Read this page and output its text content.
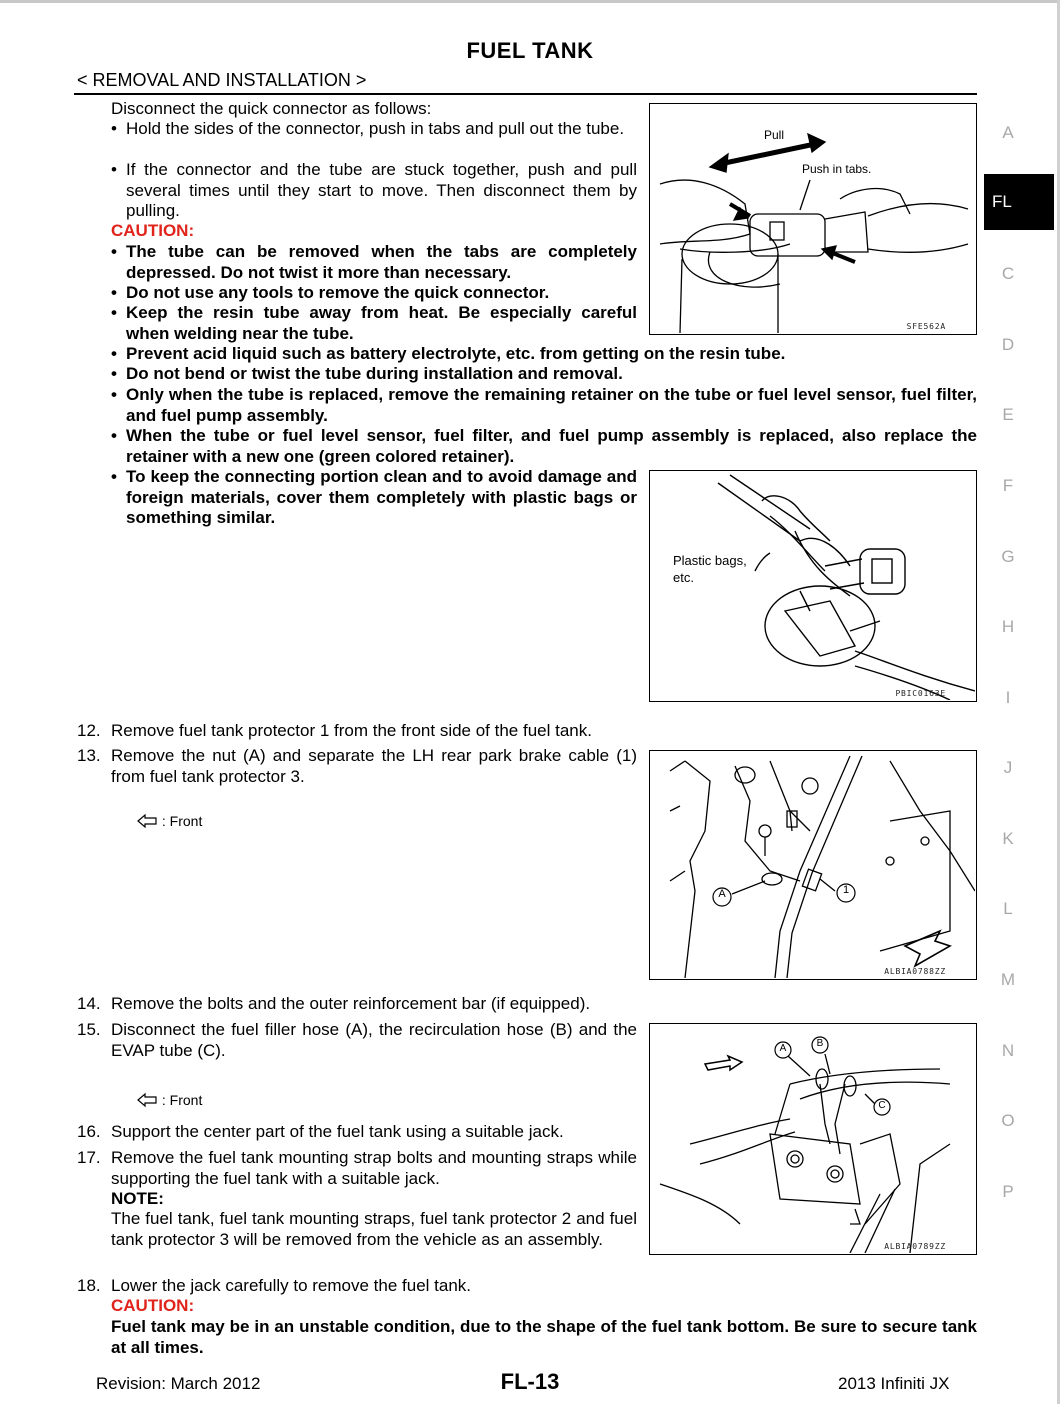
FUEL TANK
< REMOVAL AND INSTALLATION >
A
FL
C
D
E
F
G
H
I
J
K
L
M
N
O
P
Disconnect the quick connector as follows:
• Hold the sides of the connector, push in tabs and pull out the tube.
• If the connector and the tube are stuck together, push and pull several times until they start to move. Then disconnect them by pulling.
CAUTION:
• The tube can be removed when the tabs are completely depressed. Do not twist it more than necessary.
• Do not use any tools to remove the quick connector.
• Keep the resin tube away from heat. Be especially careful when welding near the tube.
• Prevent acid liquid such as battery electrolyte, etc. from getting on the resin tube.
• Do not bend or twist the tube during installation and removal.
• Only when the tube is replaced, remove the remaining retainer on the tube or fuel level sensor, fuel filter, and fuel pump assembly.
• When the tube or fuel level sensor, fuel filter, and fuel pump assembly is replaced, also replace the retainer with a new one (green colored retainer).
• To keep the connecting portion clean and to avoid damage and foreign materials, cover them completely with plastic bags or something similar.
Pull
Push in tabs.
SFE562A
Plastic bags,
etc.
PBIC0163E
12. Remove fuel tank protector 1 from the front side of the fuel tank.
13. Remove the nut (A) and separate the LH rear park brake cable (1) from fuel tank protector 3.
: Front
A	1
ALBIA0788ZZ
14. Remove the bolts and the outer reinforcement bar (if equipped).
15. Disconnect the fuel filler hose (A), the recirculation hose (B) and the EVAP tube (C).
: Front
A	B
C
ALBIA0789ZZ
16. Support the center part of the fuel tank using a suitable jack.
17. Remove the fuel tank mounting strap bolts and mounting straps while supporting the fuel tank with a suitable jack.
NOTE:
The fuel tank, fuel tank mounting straps, fuel tank protector 2 and fuel tank protector 3 will be removed from the vehicle as an assembly.
18. Lower the jack carefully to remove the fuel tank.
CAUTION:
Fuel tank may be in an unstable condition, due to the shape of the fuel tank bottom. Be sure to secure tank at all times.
Revision: March 2012	FL-13	2013 Infiniti JX
